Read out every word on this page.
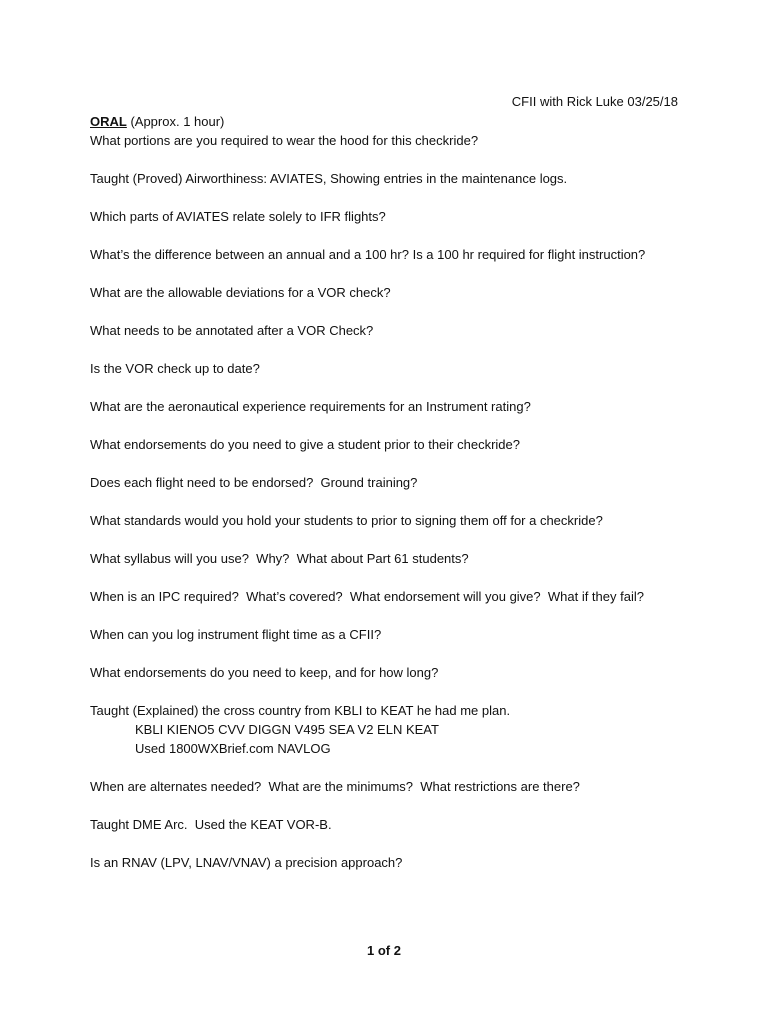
CFII with Rick Luke 03/25/18

ORAL (Approx. 1 hour)

What portions are you required to wear the hood for this checkride?

Taught (Proved) Airworthiness: AVIATES, Showing entries in the maintenance logs.

Which parts of AVIATES relate solely to IFR flights?

What’s the difference between an annual and a 100 hr? Is a 100 hr required for flight instruction?

What are the allowable deviations for a VOR check?

What needs to be annotated after a VOR Check?

Is the VOR check up to date?

What are the aeronautical experience requirements for an Instrument rating?

What endorsements do you need to give a student prior to their checkride?

Does each flight need to be endorsed?  Ground training?

What standards would you hold your students to prior to signing them off for a checkride?

What syllabus will you use?  Why?  What about Part 61 students?

When is an IPC required?  What’s covered?  What endorsement will you give?  What if they fail?

When can you log instrument flight time as a CFII?

What endorsements do you need to keep, and for how long?

Taught (Explained) the cross country from KBLI to KEAT he had me plan.

KBLI KIENO5 CVV DIGGN V495 SEA V2 ELN KEAT

Used 1800WXBrief.com NAVLOG

When are alternates needed?  What are the minimums?  What restrictions are there?

Taught DME Arc.  Used the KEAT VOR-B.

Is an RNAV (LPV, LNAV/VNAV) a precision approach?

1 of 2
